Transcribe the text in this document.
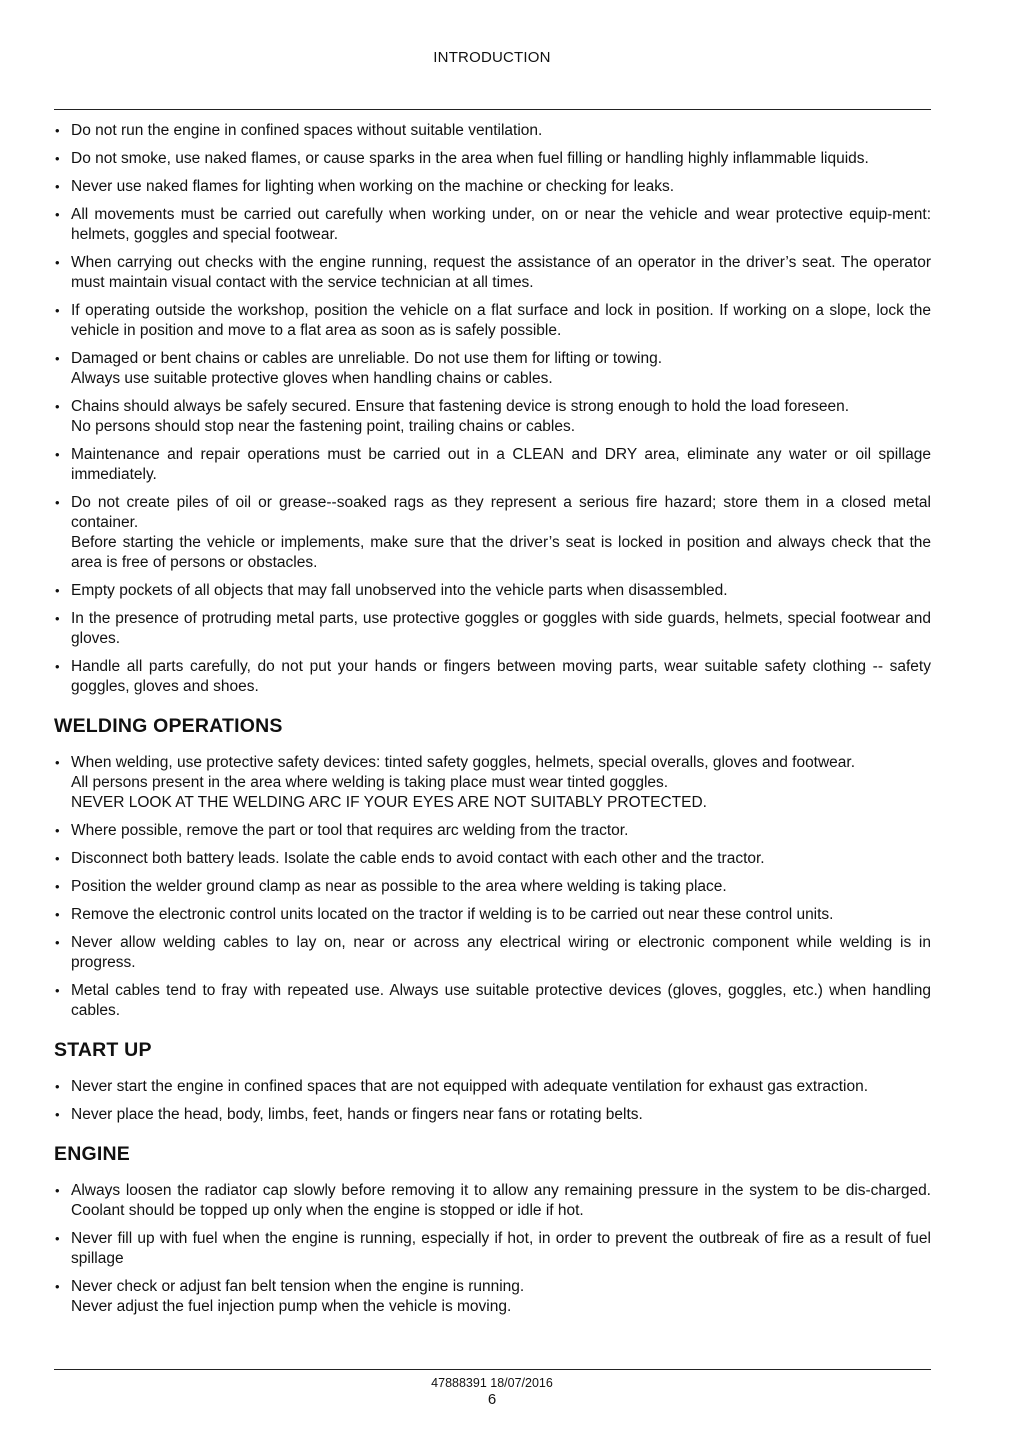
INTRODUCTION
• Do not run the engine in confined spaces without suitable ventilation.
• Do not smoke, use naked flames, or cause sparks in the area when fuel filling or handling highly inflammable liquids.
• Never use naked flames for lighting when working on the machine or checking for leaks.
• All movements must be carried out carefully when working under, on or near the vehicle and wear protective equip-ment: helmets, goggles and special footwear.
• When carrying out checks with the engine running, request the assistance of an operator in the driver’s seat. The operator must maintain visual contact with the service technician at all times.
• If operating outside the workshop, position the vehicle on a flat surface and lock in position. If working on a slope, lock the vehicle in position and move to a flat area as soon as is safely possible.
• Damaged or bent chains or cables are unreliable. Do not use them for lifting or towing.
Always use suitable protective gloves when handling chains or cables.
• Chains should always be safely secured. Ensure that fastening device is strong enough to hold the load foreseen.
No persons should stop near the fastening point, trailing chains or cables.
• Maintenance and repair operations must be carried out in a CLEAN and DRY area, eliminate any water or oil spillage immediately.
• Do not create piles of oil or grease--soaked rags as they represent a serious fire hazard; store them in a closed metal container.
Before starting the vehicle or implements, make sure that the driver’s seat is locked in position and always check that the area is free of persons or obstacles.
• Empty pockets of all objects that may fall unobserved into the vehicle parts when disassembled.
• In the presence of protruding metal parts, use protective goggles or goggles with side guards, helmets, special footwear and gloves.
• Handle all parts carefully, do not put your hands or fingers between moving parts, wear suitable safety clothing -- safety goggles, gloves and shoes.
WELDING OPERATIONS
• When welding, use protective safety devices: tinted safety goggles, helmets, special overalls, gloves and footwear.
All persons present in the area where welding is taking place must wear tinted goggles.
NEVER LOOK AT THE WELDING ARC IF YOUR EYES ARE NOT SUITABLY PROTECTED.
• Where possible, remove the part or tool that requires arc welding from the tractor.
• Disconnect both battery leads. Isolate the cable ends to avoid contact with each other and the tractor.
• Position the welder ground clamp as near as possible to the area where welding is taking place.
• Remove the electronic control units located on the tractor if welding is to be carried out near these control units.
• Never allow welding cables to lay on, near or across any electrical wiring or electronic component while welding is in progress.
• Metal cables tend to fray with repeated use. Always use suitable protective devices (gloves, goggles, etc.) when handling cables.
START UP
• Never start the engine in confined spaces that are not equipped with adequate ventilation for exhaust gas extraction.
• Never place the head, body, limbs, feet, hands or fingers near fans or rotating belts.
ENGINE
• Always loosen the radiator cap slowly before removing it to allow any remaining pressure in the system to be dis-charged. Coolant should be topped up only when the engine is stopped or idle if hot.
• Never fill up with fuel when the engine is running, especially if hot, in order to prevent the outbreak of fire as a result of fuel spillage
• Never check or adjust fan belt tension when the engine is running.
Never adjust the fuel injection pump when the vehicle is moving.
47888391 18/07/2016
6
